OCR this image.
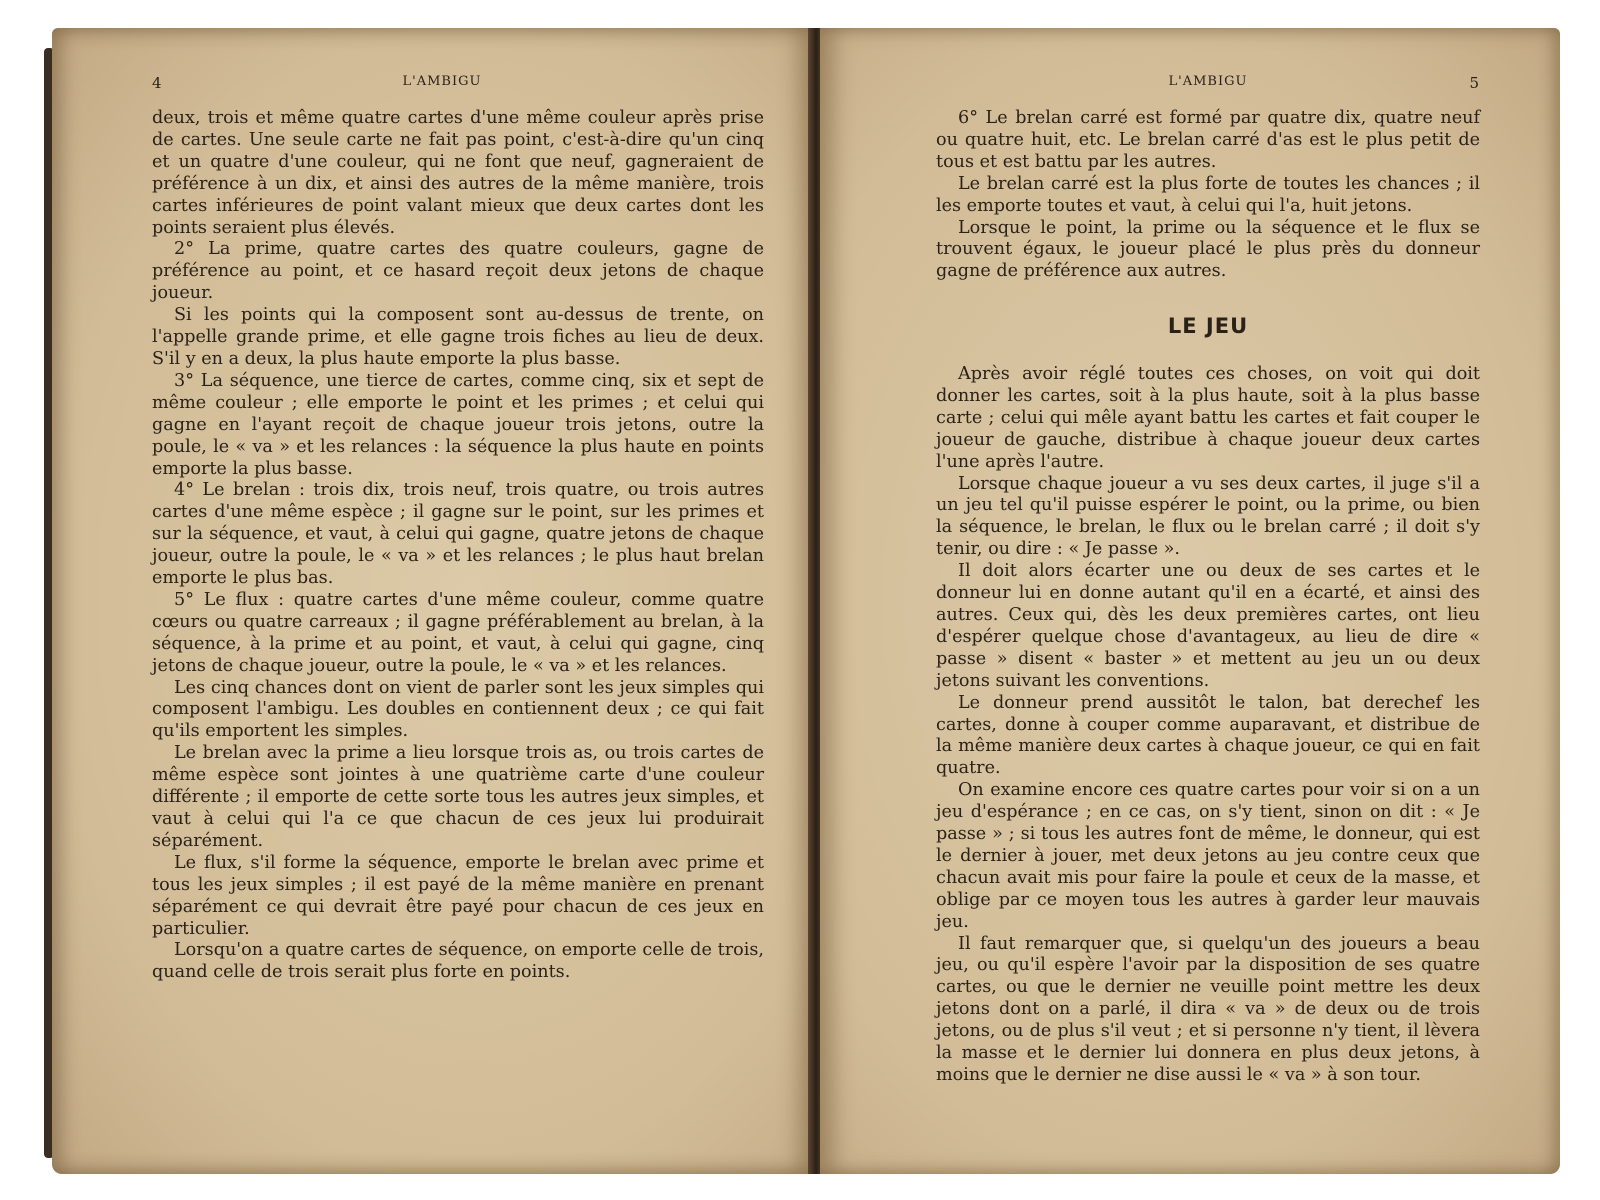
4	L'AMBIGU

deux, trois et même quatre cartes d'une même couleur après prise de cartes. Une seule carte ne fait pas point, c'est-à-dire qu'un cinq et un quatre d'une couleur, qui ne font que neuf, gagneraient de préférence à un dix, et ainsi des autres de la même manière, trois cartes inférieures de point valant mieux que deux cartes dont les points seraient plus élevés.

2° La prime, quatre cartes des quatre couleurs, gagne de préférence au point, et ce hasard reçoit deux jetons de chaque joueur.

Si les points qui la composent sont au-dessus de trente, on l'appelle grande prime, et elle gagne trois fiches au lieu de deux. S'il y en a deux, la plus haute emporte la plus basse.

3° La séquence, une tierce de cartes, comme cinq, six et sept de même couleur ; elle emporte le point et les primes ; et celui qui gagne en l'ayant reçoit de chaque joueur trois jetons, outre la poule, le « va » et les relances : la séquence la plus haute en points emporte la plus basse.

4° Le brelan : trois dix, trois neuf, trois quatre, ou trois autres cartes d'une même espèce ; il gagne sur le point, sur les primes et sur la séquence, et vaut, à celui qui gagne, quatre jetons de chaque joueur, outre la poule, le « va » et les relances ; le plus haut brelan emporte le plus bas.

5° Le flux : quatre cartes d'une même couleur, comme quatre cœurs ou quatre carreaux ; il gagne préférablement au brelan, à la séquence, à la prime et au point, et vaut, à celui qui gagne, cinq jetons de chaque joueur, outre la poule, le « va » et les relances.

Les cinq chances dont on vient de parler sont les jeux simples qui composent l'ambigu. Les doubles en contiennent deux ; ce qui fait qu'ils emportent les simples.

Le brelan avec la prime a lieu lorsque trois as, ou trois cartes de même espèce sont jointes à une quatrième carte d'une couleur différente ; il emporte de cette sorte tous les autres jeux simples, et vaut à celui qui l'a ce que chacun de ces jeux lui produirait séparément.

Le flux, s'il forme la séquence, emporte le brelan avec prime et tous les jeux simples ; il est payé de la même manière en prenant séparément ce qui devrait être payé pour chacun de ces jeux en particulier.

Lorsqu'on a quatre cartes de séquence, on emporte celle de trois, quand celle de trois serait plus forte en points.

L'AMBIGU	5

6° Le brelan carré est formé par quatre dix, quatre neuf ou quatre huit, etc. Le brelan carré d'as est le plus petit de tous et est battu par les autres.

Le brelan carré est la plus forte de toutes les chances ; il les emporte toutes et vaut, à celui qui l'a, huit jetons.

Lorsque le point, la prime ou la séquence et le flux se trouvent égaux, le joueur placé le plus près du donneur gagne de préférence aux autres.

LE JEU

Après avoir réglé toutes ces choses, on voit qui doit donner les cartes, soit à la plus haute, soit à la plus basse carte ; celui qui mêle ayant battu les cartes et fait couper le joueur de gauche, distribue à chaque joueur deux cartes l'une après l'autre.

Lorsque chaque joueur a vu ses deux cartes, il juge s'il a un jeu tel qu'il puisse espérer le point, ou la prime, ou bien la séquence, le brelan, le flux ou le brelan carré ; il doit s'y tenir, ou dire : « Je passe ».

Il doit alors écarter une ou deux de ses cartes et le donneur lui en donne autant qu'il en a écarté, et ainsi des autres. Ceux qui, dès les deux premières cartes, ont lieu d'espérer quelque chose d'avantageux, au lieu de dire « passe » disent « baster » et mettent au jeu un ou deux jetons suivant les conventions.

Le donneur prend aussitôt le talon, bat derechef les cartes, donne à couper comme auparavant, et distribue de la même manière deux cartes à chaque joueur, ce qui en fait quatre.

On examine encore ces quatre cartes pour voir si on a un jeu d'espérance ; en ce cas, on s'y tient, sinon on dit : « Je passe » ; si tous les autres font de même, le donneur, qui est le dernier à jouer, met deux jetons au jeu contre ceux que chacun avait mis pour faire la poule et ceux de la masse, et oblige par ce moyen tous les autres à garder leur mauvais jeu.

Il faut remarquer que, si quelqu'un des joueurs a beau jeu, ou qu'il espère l'avoir par la disposition de ses quatre cartes, ou que le dernier ne veuille point mettre les deux jetons dont on a parlé, il dira « va » de deux ou de trois jetons, ou de plus s'il veut ; et si personne n'y tient, il lèvera la masse et le dernier lui donnera en plus deux jetons, à moins que le dernier ne dise aussi le « va » à son tour.
